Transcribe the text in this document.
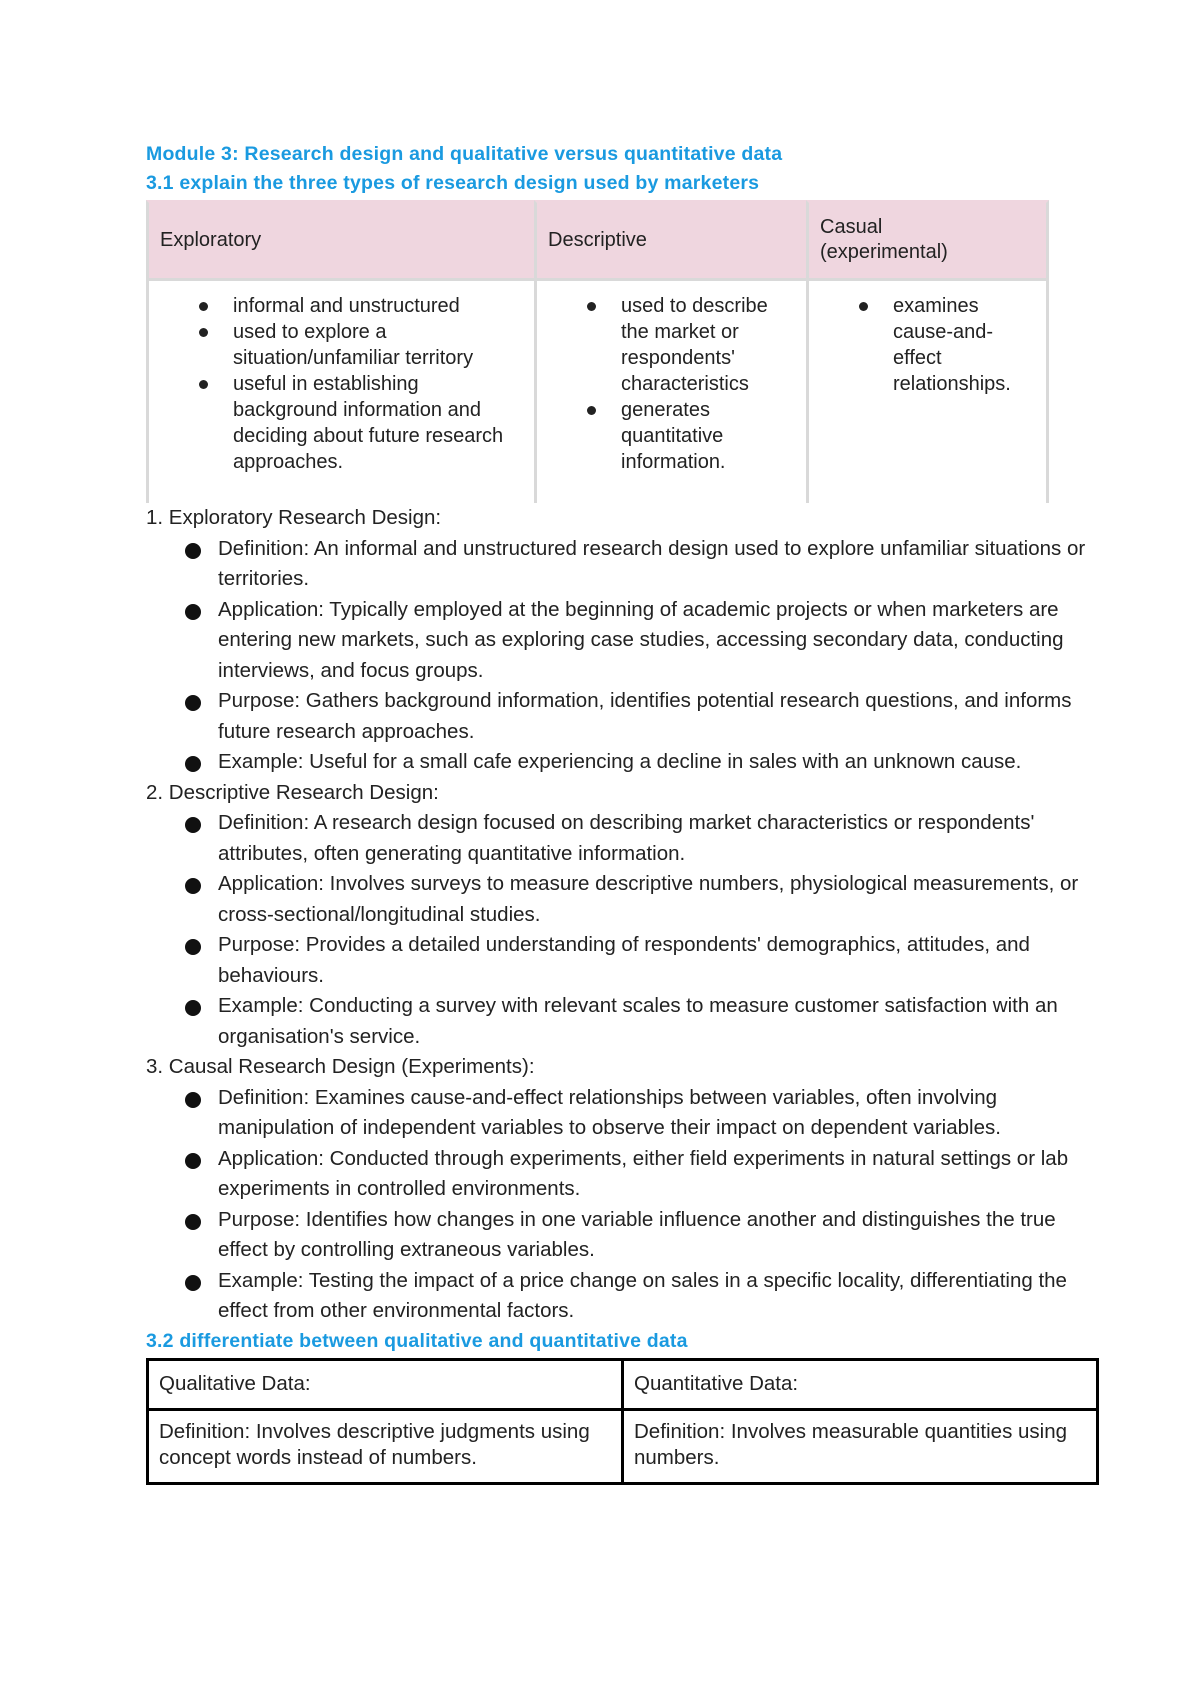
Module 3: Research design and qualitative versus quantitative data
3.1 explain the three types of research design used by marketers
Exploratory	Descriptive
Casual
(experimental)
informal and unstructured
used to explore a situation/unfamiliar territory
useful in establishing background information and deciding about future research approaches.
used to describe the market or respondents' characteristics
generates quantitative information.
examines cause-and-effect relationships.
1. Exploratory Research Design:
Definition: An informal and unstructured research design used to explore unfamiliar situations or territories.
Application: Typically employed at the beginning of academic projects or when marketers are entering new markets, such as exploring case studies, accessing secondary data, conducting interviews, and focus groups.
Purpose: Gathers background information, identifies potential research questions, and informs future research approaches.
Example: Useful for a small cafe experiencing a decline in sales with an unknown cause.
2. Descriptive Research Design:
Definition: A research design focused on describing market characteristics or respondents' attributes, often generating quantitative information.
Application: Involves surveys to measure descriptive numbers, physiological measurements, or cross-sectional/longitudinal studies.
Purpose: Provides a detailed understanding of respondents' demographics, attitudes, and behaviours.
Example: Conducting a survey with relevant scales to measure customer satisfaction with an organisation's service.
3. Causal Research Design (Experiments):
Definition: Examines cause-and-effect relationships between variables, often involving manipulation of independent variables to observe their impact on dependent variables.
Application: Conducted through experiments, either field experiments in natural settings or lab experiments in controlled environments.
Purpose: Identifies how changes in one variable influence another and distinguishes the true effect by controlling extraneous variables.
Example: Testing the impact of a price change on sales in a specific locality, differentiating the effect from other environmental factors.
3.2 differentiate between qualitative and quantitative data
Qualitative Data:	Quantitative Data:
Definition: Involves descriptive judgments using concept words instead of numbers.
Definition: Involves measurable quantities using numbers.
